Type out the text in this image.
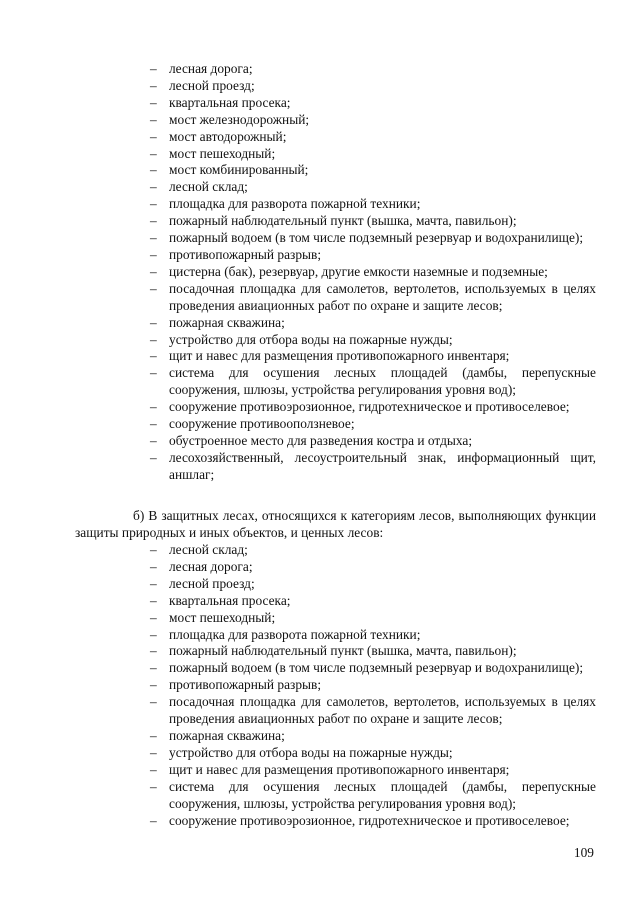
– лесная дорога;
– лесной проезд;
– квартальная просека;
– мост железнодорожный;
– мост автодорожный;
– мост пешеходный;
– мост комбинированный;
– лесной склад;
– площадка для разворота пожарной техники;
– пожарный наблюдательный пункт (вышка, мачта, павильон);
– пожарный водоем (в том числе подземный резервуар и водохранилище);
– противопожарный разрыв;
– цистерна (бак), резервуар, другие емкости наземные и подземные;
– посадочная площадка для самолетов, вертолетов, используемых в целях проведения авиационных работ по охране и защите лесов;
– пожарная скважина;
– устройство для отбора воды на пожарные нужды;
– щит и навес для размещения противопожарного инвентаря;
– система для осушения лесных площадей (дамбы, перепускные сооружения, шлюзы, устройства регулирования уровня вод);
– сооружение противоэрозионное, гидротехническое и противоселевое;
– сооружение противооползневое;
– обустроенное место для разведения костра и отдыха;
– лесохозяйственный, лесоустроительный знак, информационный щит, аншлаг;

б) В защитных лесах, относящихся к категориям лесов, выполняющих функции защиты природных и иных объектов, и ценных лесов:

– лесной склад;
– лесная дорога;
– лесной проезд;
– квартальная просека;
– мост пешеходный;
– площадка для разворота пожарной техники;
– пожарный наблюдательный пункт (вышка, мачта, павильон);
– пожарный водоем (в том числе подземный резервуар и водохранилище);
– противопожарный разрыв;
– посадочная площадка для самолетов, вертолетов, используемых в целях проведения авиационных работ по охране и защите лесов;
– пожарная скважина;
– устройство для отбора воды на пожарные нужды;
– щит и навес для размещения противопожарного инвентаря;
– система для осушения лесных площадей (дамбы, перепускные сооружения, шлюзы, устройства регулирования уровня вод);
– сооружение противоэрозионное, гидротехническое и противоселевое;
109
